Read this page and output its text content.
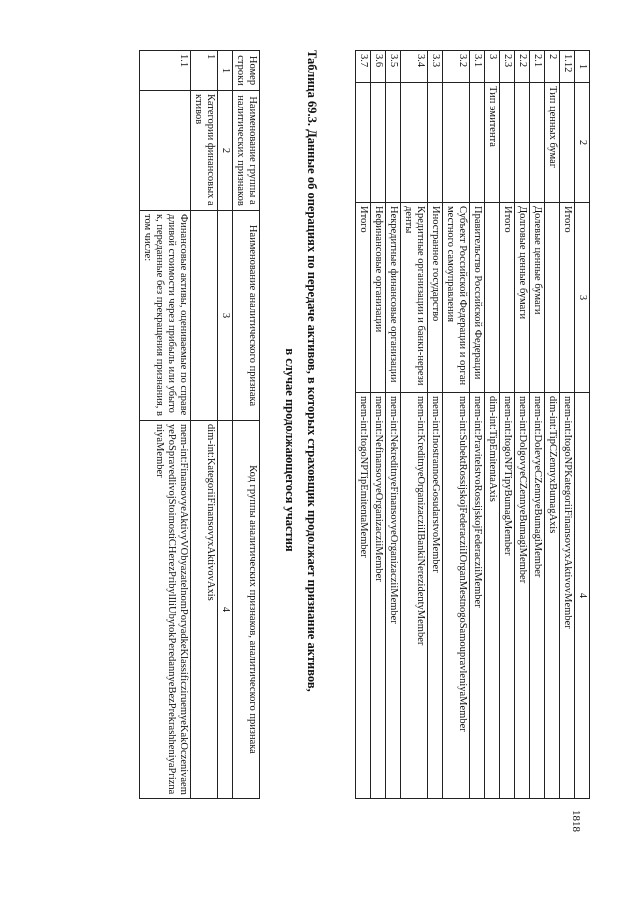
1	2	3	4
1.12		Итого	mem-int:ItogoNPKategoriiFinansovyxAktivovMember
2	Тип ценных бумаг		dim-int:TipCZennyxBumagAxis
2.1		Долевые ценные бумаги	mem-int:DolevyeCZennyeBumagiMember
2.2		Долговые ценные бумаги	mem-int:DolgovyeCZennyeBumagiMember
2.3		Итого	mem-int:ItogoNPTipyBumagMember
3	Тип эмитента		dim-int:TipEmitentaAxis
3.1		Правительство Российской Федерации	mem-int:PravitelstvoRossijskojFederacziiMember
3.2		Субъект Российской Федерации и орган местного самоуправления	mem-int:SubektRossijskojFederacziiIOrganMestnogoSamoupravleniyaMember
3.3		Иностранное государство	mem-int:InostrannoeGosudarstvoMember
3.4		Кредитные организации и банки-нерезиденты	mem-int:KreditnyeOrganizacziiIBankiNerezidentyMember
3.5		Некредитные финансовые организации	mem-int:NekreditnyeFinansovyeOrganizacziiMember
3.6		Нефинансовые организации	mem-int:NefinansovyeOrganizacziiMember
3.7		Итого	mem-int:ItogoNPTipEmitentaMember
Таблица 69.3. Данные об операциях по передаче активов, в которых страховщик продолжает признание активов,
в случае продолжающегося участия
Номер строки	Наименование группы аналитических признаков	Наименование аналитического признака	Код группы аналитических признаков, аналитического признака
1	2	3	4
1	Категории финансовых активов		dim-int:KategoriiFinansovyxAktivovAxis
1.1		Финансовые активы, оцениваемые по справедливой стоимости через прибыль или убыток, переданные без прекращения признания, в том числе:	mem-int:FinansovyeAktivyVObyazatelnomPoryadkeKlassificziruemyeKakOczenivaemyePoSpravedlivojStoimostiCHerezPribylIliUbytokPeredannyeBezPrekrashheniyaPriznaniyaMember
1818
